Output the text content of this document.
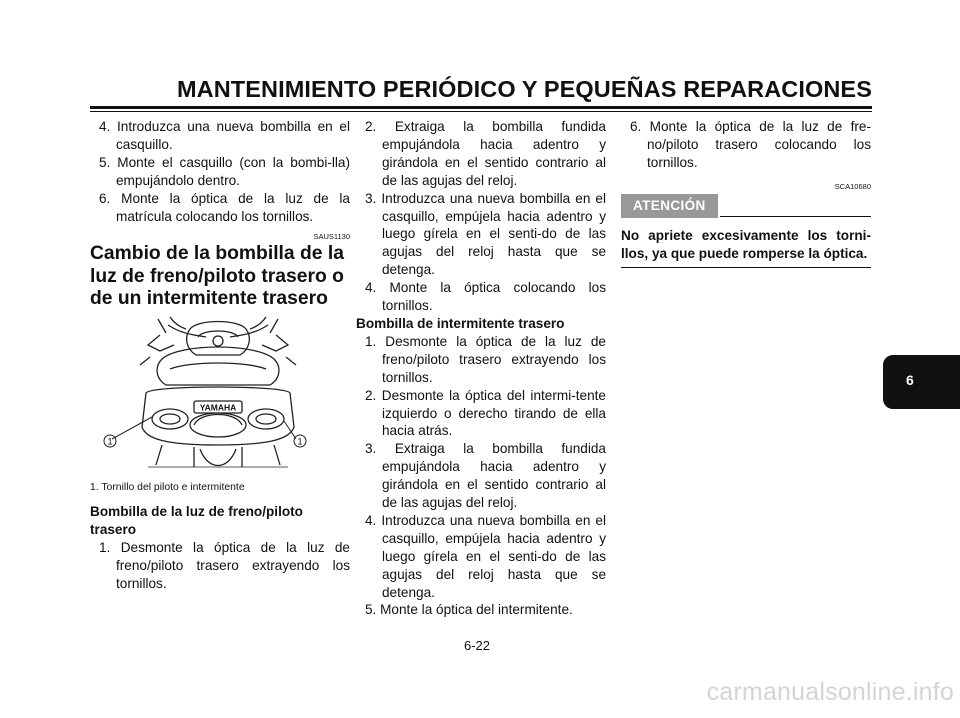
MANTENIMIENTO PERIÓDICO Y PEQUEÑAS REPARACIONES

4. Introduzca una nueva bombilla en el casquillo.

5. Monte el casquillo (con la bombi-lla) empujándolo dentro.

6. Monte la óptica de la luz de la matrícula colocando los tornillos.

SAUS1130
Cambio de la bombilla de la luz de freno/piloto trasero o de un intermitente trasero
YAMAHA
1	1
1. Tornillo del piloto e intermitente

Bombilla de la luz de freno/piloto trasero

1. Desmonte la óptica de la luz de freno/piloto trasero extrayendo los tornillos.

2. Extraiga la bombilla fundida empujándola hacia adentro y girándola en el sentido contrario al de las agujas del reloj.

3. Introduzca una nueva bombilla en el casquillo, empújela hacia adentro y luego gírela en el senti-do de las agujas del reloj hasta que se detenga.

4. Monte la óptica colocando los tornillos.

Bombilla de intermitente trasero

1. Desmonte la óptica de la luz de freno/piloto trasero extrayendo los tornillos.

2. Desmonte la óptica del intermi-tente izquierdo o derecho tirando de ella hacia atrás.

3. Extraiga la bombilla fundida empujándola hacia adentro y girándola en el sentido contrario al de las agujas del reloj.

4. Introduzca una nueva bombilla en el casquillo, empújela hacia adentro y luego gírela en el senti-do de las agujas del reloj hasta que se detenga.

5. Monte la óptica del intermitente.

6. Monte la óptica de la luz de fre-no/piloto trasero colocando los tornillos.

SCA10680
ATENCIÓN

No apriete excesivamente los torni-llos, ya que puede romperse la óptica.

6
6-22
carmanualsonline.info
